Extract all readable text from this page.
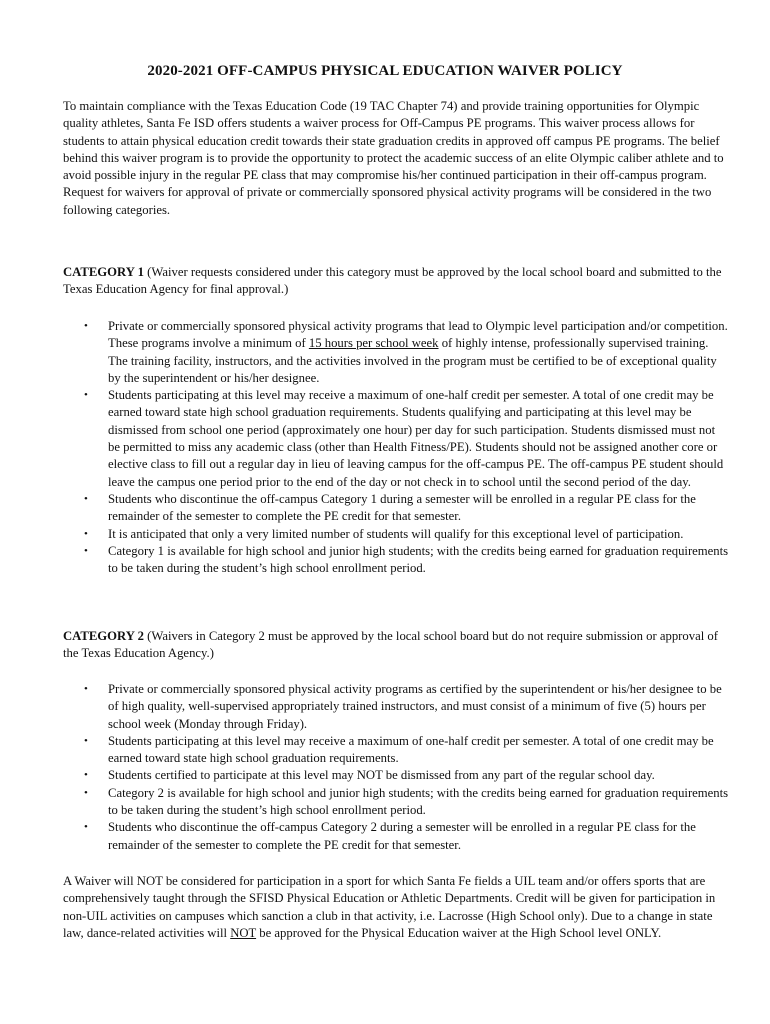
2020-2021 OFF-CAMPUS PHYSICAL EDUCATION WAIVER POLICY

To maintain compliance with the Texas Education Code (19 TAC Chapter 74) and provide training opportunities for Olympic quality athletes, Santa Fe ISD offers students a waiver process for Off-Campus PE programs. This waiver process allows for students to attain physical education credit towards their state graduation credits in approved off campus PE programs. The belief behind this waiver program is to provide the opportunity to protect the academic success of an elite Olympic caliber athlete and to avoid possible injury in the regular PE class that may compromise his/her continued participation in their off-campus program. Request for waivers for approval of private or commercially sponsored physical activity programs will be considered in the two following categories.

CATEGORY 1 (Waiver requests considered under this category must be approved by the local school board and submitted to the Texas Education Agency for final approval.)

• Private or commercially sponsored physical activity programs that lead to Olympic level participation and/or competition. These programs involve a minimum of 15 hours per school week of highly intense, professionally supervised training. The training facility, instructors, and the activities involved in the program must be certified to be of exceptional quality by the superintendent or his/her designee.
• Students participating at this level may receive a maximum of one-half credit per semester. A total of one credit may be earned toward state high school graduation requirements. Students qualifying and participating at this level may be dismissed from school one period (approximately one hour) per day for such participation. Students dismissed must not be permitted to miss any academic class (other than Health Fitness/PE). Students should not be assigned another core or elective class to fill out a regular day in lieu of leaving campus for the off-campus PE. The off-campus PE student should leave the campus one period prior to the end of the day or not check in to school until the second period of the day.
• Students who discontinue the off-campus Category 1 during a semester will be enrolled in a regular PE class for the remainder of the semester to complete the PE credit for that semester.
• It is anticipated that only a very limited number of students will qualify for this exceptional level of participation.
• Category 1 is available for high school and junior high students; with the credits being earned for graduation requirements to be taken during the student’s high school enrollment period.

CATEGORY 2 (Waivers in Category 2 must be approved by the local school board but do not require submission or approval of the Texas Education Agency.)

• Private or commercially sponsored physical activity programs as certified by the superintendent or his/her designee to be of high quality, well-supervised appropriately trained instructors, and must consist of a minimum of five (5) hours per school week (Monday through Friday).
• Students participating at this level may receive a maximum of one-half credit per semester. A total of one credit may be earned toward state high school graduation requirements.
• Students certified to participate at this level may NOT be dismissed from any part of the regular school day.
• Category 2 is available for high school and junior high students; with the credits being earned for graduation requirements to be taken during the student’s high school enrollment period.
• Students who discontinue the off-campus Category 2 during a semester will be enrolled in a regular PE class for the remainder of the semester to complete the PE credit for that semester.

A Waiver will NOT be considered for participation in a sport for which Santa Fe fields a UIL team and/or offers sports that are comprehensively taught through the SFISD Physical Education or Athletic Departments. Credit will be given for participation in non-UIL activities on campuses which sanction a club in that activity, i.e. Lacrosse (High School only). Due to a change in state law, dance-related activities will NOT be approved for the Physical Education waiver at the High School level ONLY.
